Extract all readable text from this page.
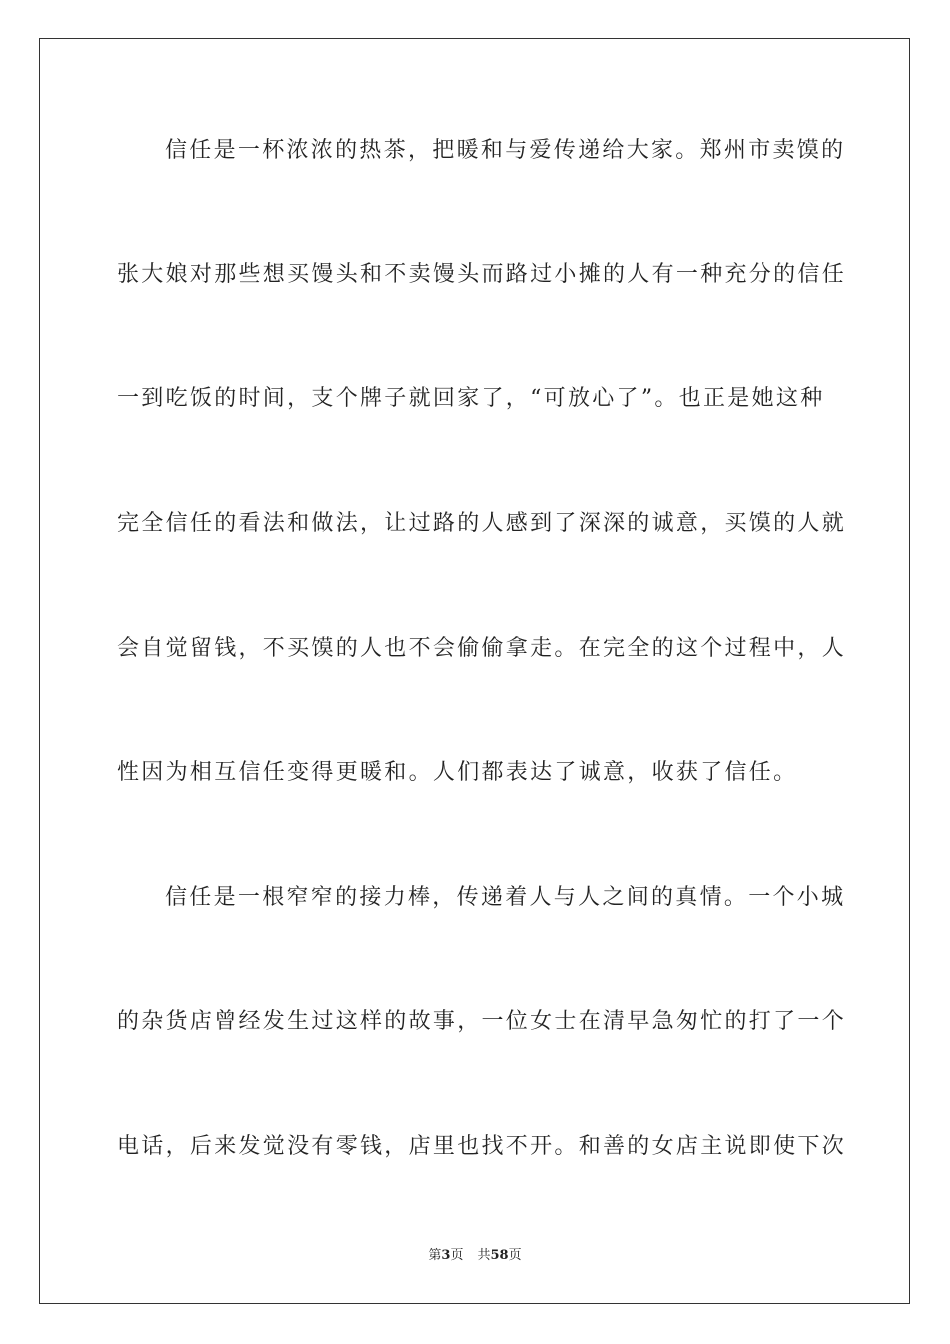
信任是一杯浓浓的热茶，把暖和与爱传递给大家。郑州市卖馍的
张大娘对那些想买馒头和不卖馒头而路过小摊的人有一种充分的信任
一到吃饭的时间，支个牌子就回家了，“可放心了”。也正是她这种
完全信任的看法和做法，让过路的人感到了深深的诚意，买馍的人就
会自觉留钱，不买馍的人也不会偷偷拿走。在完全的这个过程中，人
性因为相互信任变得更暖和。人们都表达了诚意，收获了信任。
信任是一根窄窄的接力棒，传递着人与人之间的真情。一个小城
的杂货店曾经发生过这样的故事，一位女士在清早急匆忙的打了一个
电话，后来发觉没有零钱，店里也找不开。和善的女店主说即使下次
第3页 共58页
